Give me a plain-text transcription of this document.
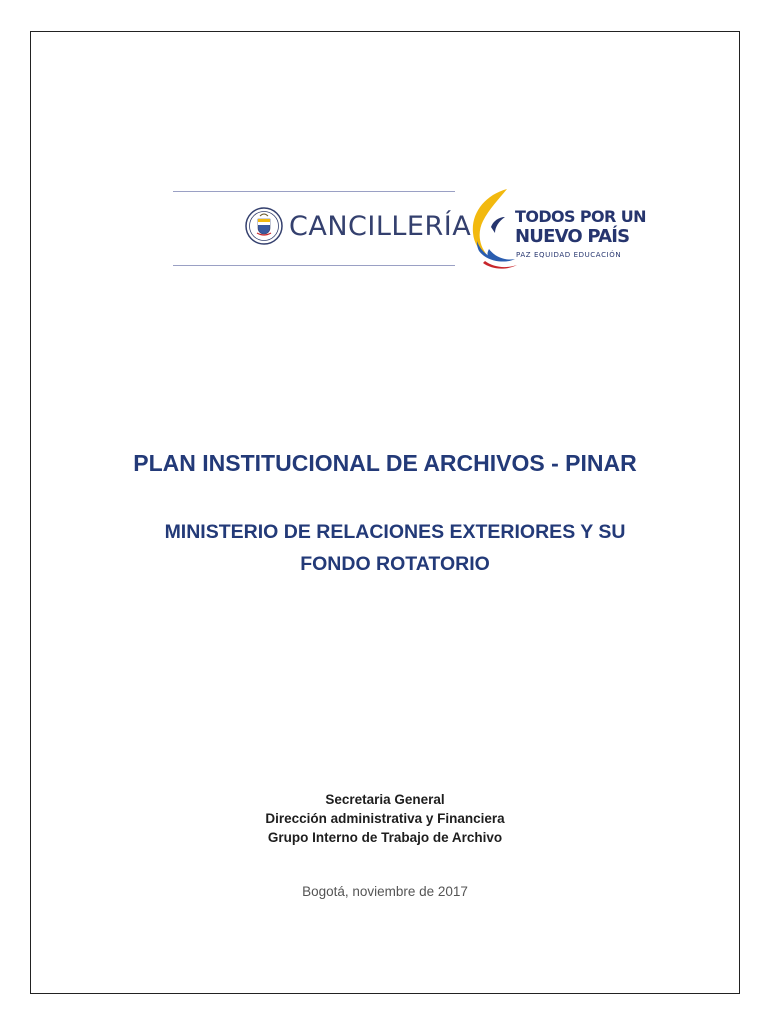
CANCILLERÍA	TODOS POR UN
NUEVO PAÍS
PAZ EQUIDAD EDUCACIÓN
PLAN INSTITUCIONAL DE ARCHIVOS - PINAR
MINISTERIO DE RELACIONES EXTERIORES Y SU
FONDO ROTATORIO
Secretaria General
Dirección administrativa y Financiera
Grupo Interno de Trabajo de Archivo
Bogotá, noviembre de 2017
